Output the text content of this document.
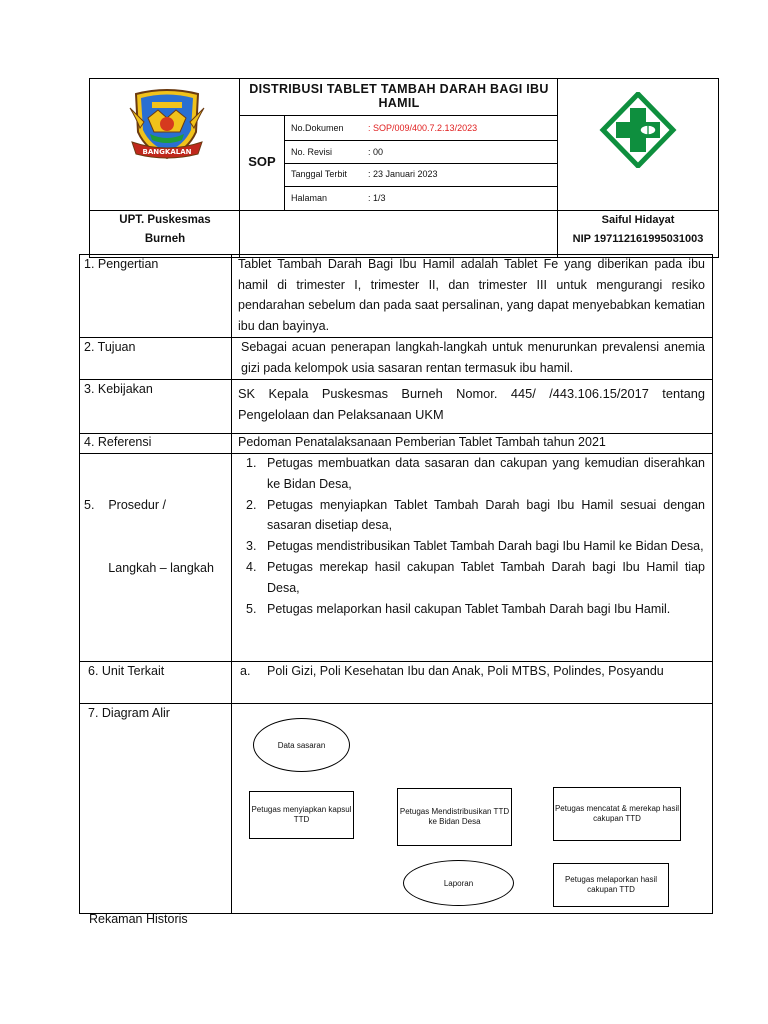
BANGKALAN
DISTRIBUSI TABLET TAMBAH DARAH BAGI IBU HAMIL
SOP
No.Dokumen	: SOP/009/400.7.2.13/2023
No. Revisi	: 00
Tanggal Terbit : 23 Januari 2023
Halaman	: 1/3
UPT. Puskesmas
Burneh
Saiful Hidayat
NIP 197112161995031003
1. Pengertian	Tablet Tambah Darah Bagi Ibu Hamil adalah Tablet Fe yang diberikan pada ibu hamil di trimester I, trimester II, dan trimester III untuk mengurangi resiko pendarahan sebelum dan pada saat persalinan, yang dapat menyebabkan kematian ibu dan bayinya.

2. Tujuan	Sebagai acuan penerapan langkah-langkah untuk menurunkan prevalensi anemia gizi pada kelompok usia sasaran rentan termasuk ibu hamil.

3. Kebijakan	SK Kepala Puskesmas Burneh Nomor. 445/ /443.106.15/2017 tentang Pengelolaan dan Pelaksanaan UKM

4. Referensi	Pedoman Penatalaksanaan Pemberian Tablet Tambah tahun 2021

5.    Prosedur /

Langkah – langkah

1. Petugas membuatkan data sasaran dan cakupan yang kemudian diserahkan ke Bidan Desa,
2. Petugas menyiapkan Tablet Tambah Darah bagi Ibu Hamil sesuai dengan sasaran disetiap desa,
3. Petugas mendistribusikan Tablet Tambah Darah bagi Ibu Hamil ke Bidan Desa,
4. Petugas merekap hasil cakupan Tablet Tambah Darah bagi Ibu Hamil tiap Desa,
5. Petugas melaporkan hasil cakupan Tablet Tambah Darah bagi Ibu Hamil.
6. Unit Terkait	a. Poli Gizi, Poli Kesehatan Ibu dan Anak, Poli MTBS, Polindes, Posyandu
7. Diagram Alir
Data sasaran
Petugas menyiapkan kapsul TTD
Petugas Mendistribusikan TTD ke Bidan Desa
Petugas mencatat & merekap hasil cakupan TTD
Laporan	Petugas melaporkan hasil cakupan TTD
Rekaman Historis
